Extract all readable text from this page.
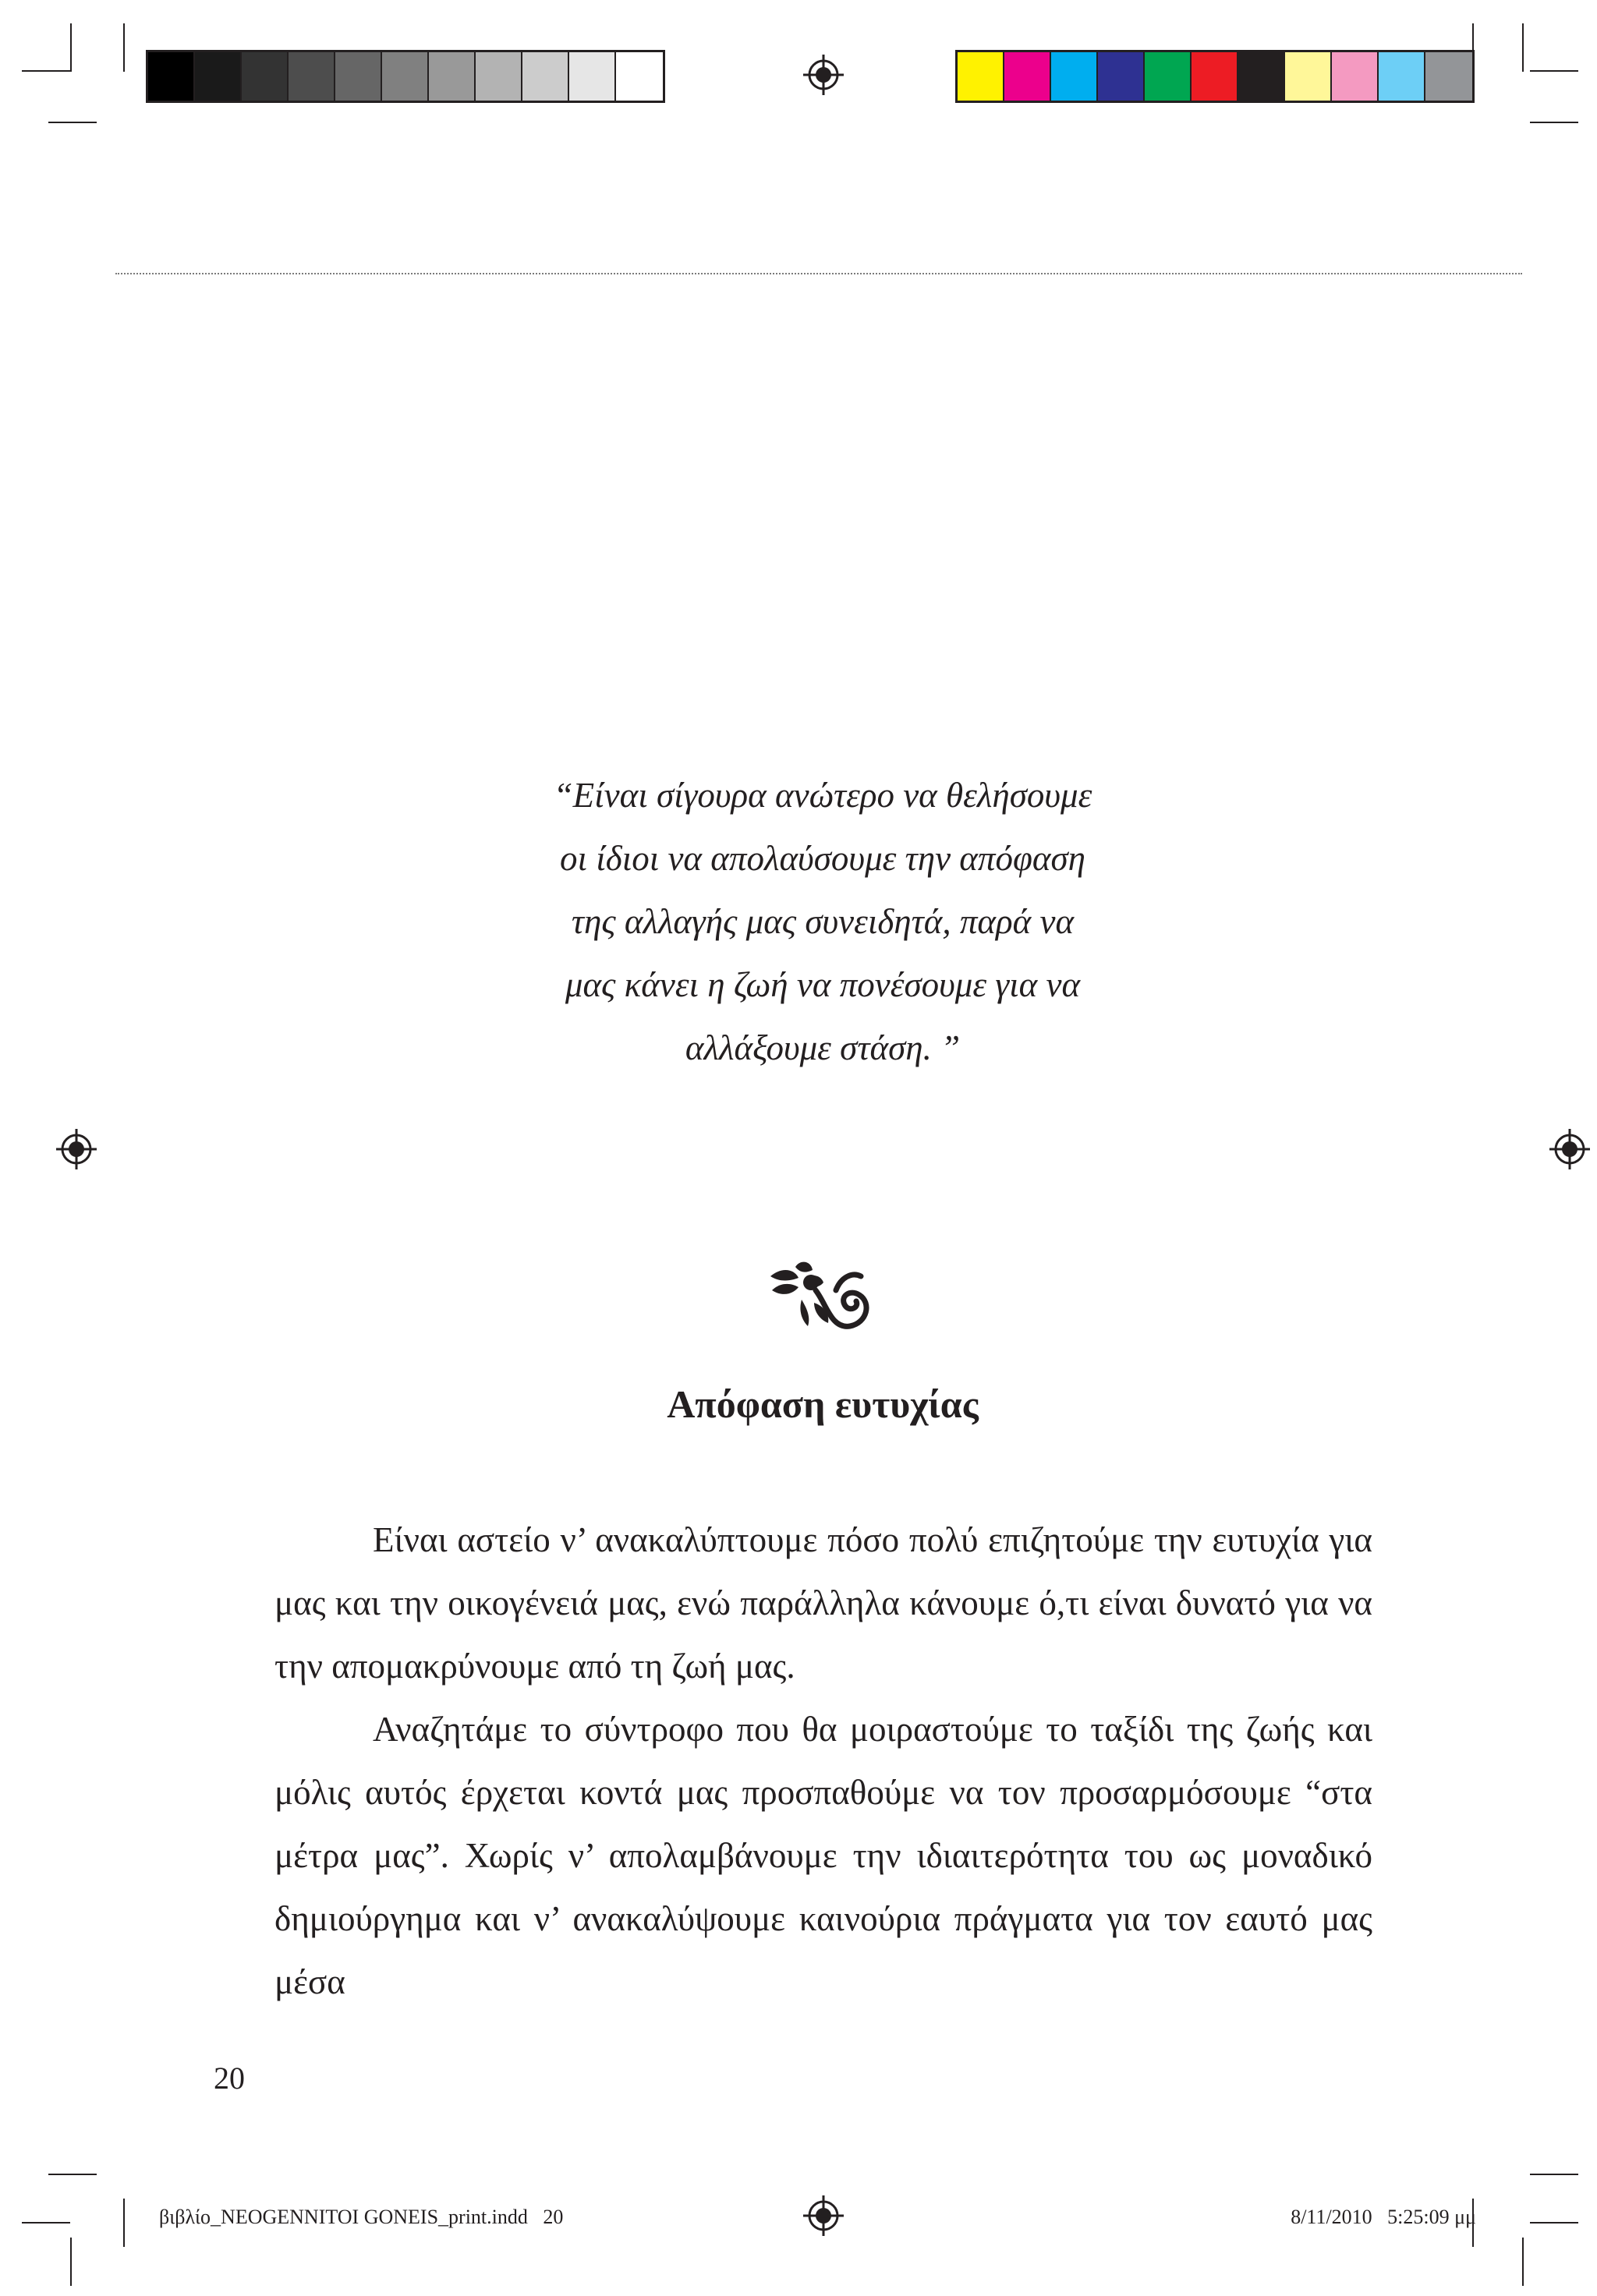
“Είναι σίγουρα ανώτερο να θελήσουμε
οι ίδιοι να απολαύσουμε την απόφαση
της αλλαγής μας συνειδητά, παρά να
μας κάνει η ζωή να πονέσουμε για να
αλλάξουμε στάση. ”
Απόφαση ευτυχίας

Είναι αστείο ν’ ανακαλύπτουμε πόσο πολύ επιζητούμε την ευτυχία για μας και την οικογένειά μας, ενώ παράλληλα κάνουμε ό,τι είναι δυνατό για να την απομακρύνουμε από τη ζωή μας.

Αναζητάμε το σύντροφο που θα μοιραστούμε το ταξίδι της ζωής και μόλις αυτός έρχεται κοντά μας προσπαθούμε να τον προσαρμόσουμε “στα μέτρα μας”. Χωρίς ν’ απολαμβάνουμε την ιδιαιτερότητα του ως μοναδικό δημιούργημα και ν’ ανακαλύψουμε καινούρια πράγματα για τον εαυτό μας μέσα

20
βιβλίο_NEOGENNITOI GONEIS_print.indd   20	8/11/2010   5:25:09 μμ
